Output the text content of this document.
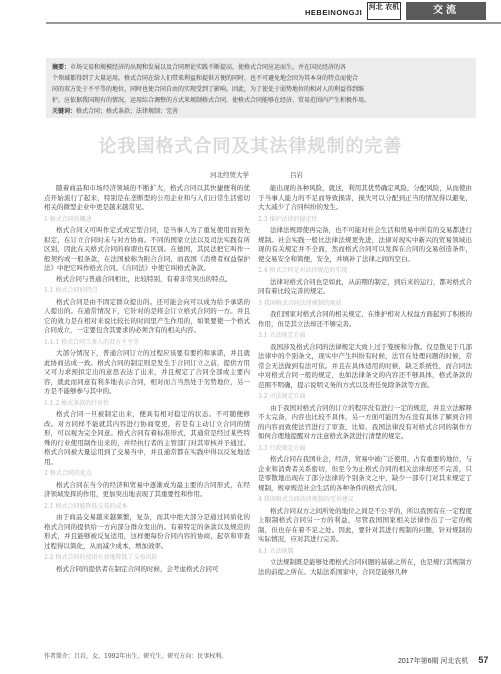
HEBEINONGJI
河北 农机	交流
摘要：市场交易和规模经济的出现和发展以及合同理论实践不断提高，使格式合同应运而生。并在国民经济的各
个领域都得到了大量运用。格式合同在给人们带来利益和提供方便的同时，也不可避免地会因为其本身的特点而使合
同的双方处于不平等的地位，同时也使合同自由的实现受到了影响。因此，为了使处于弱势地位的相对人的利益得到维
护，应依据我国现有的情况，运用综合调整的方式来规制格式合同，使格式合同能够在经济、贸易范围内产生积极作用。
关键词：格式合同；格式条款；法律规制；完善
论我国格式合同及其法律规制的完善
河北经贸大学	吕岩
随着商品和市场经济领域的不断扩大，格式合同以其快捷便利的优点开始流行了起来，特别是在垄断型的公用企业和与人们日常生活密切相关的微型企业中更是越来越常见。
1 格式合同的概述
格式合同又可叫作定式或定型合同，是当事人为了重复使用而预先拟定，在订立合同时未与对方协商。不同的国家立法以及司法实践有所区别，因此在关格式合同的称谓也有区别。在德国，其民法把它叫作一般契约或一般条款，在法国被称为附合合同，而我国《消费者权益保护法》中把它叫作格式合同。《合同法》中使它叫格式条款。
格式合同与普通合同相比，比较特别，有着非常突出的特点。
1.1 格式合同的特点
格式合同是由不固定群众提出的。还可能会向可以成为给予承诺的人提出的。在通常情况下，它针对的是将会订立格式合同的一方。并且它的效力是在相对来说比较长的时间里产生作用的，如果要使一个格式合同成立，一定要包含其要求的必须含有的相关内容。
1.1.1 格式合同当事人的双方不平等
大部分情况下，普通合同订立的过程应该要有要约和承诺，并且就此协商达成一致。格式合同的制定则是发生于合同订立之前，提供方用又可力求预拟定出的意思表达了出来，并且规定了合同全部或主要内容，就此而同意有利多地表示合同，相对而言当然处于劣势地位，另一方是不能够参与其中的。
1.1.2 格式条款的针对性
格式合同一旦被制定出来，便具有相对稳定的状态。不可随便修改。对方同样不能就其内容进行协商变更，若是有主动订立合同的情形，可以视为完全同意。格式合同有着标准形式，其通常是经过某些特殊的行业使用制作出来的，并经执行者的主管部门对其审核并予通过。格式合同被大量运用到了交易当中，并且通常都在实践中得以反复地适用。
2 格式合同的优点
格式合同在当今的经济和贸易中逐渐成为最主要的合同形式，在经济领域发挥的作用，更加突出地表现了其重要性和作用。
2.1 格式合同能降低交易的成本
由于商品交易越来越频繁，复杂，而其中绝大部分是通过同质化的格式合同的提供给一方向部分群众发出的。有着特定的条款以及规范的形式，并且能够被反复适用，这样便每份合同内容的协商，起草和审查过程得以简化，从而减少成本，增加效率。
2.2 格式合同的使用有效地降低了交易风险
格式合同的提供者在制定合同的时候，会考虑格式合同可
能出现的各种风险，就这，利用其优势确定风险，分配风险，从而使由于当事人能力的不足而导致损害，损失可以分配到正当的情况得以避免，大大减少了合同纠纷的发生。
2.3 维护法律的稳定性
法律法规即使再完备，也不可能对社会生活和贸易中所有的交易都进行规制。社会实践一般比法律法规更先进，法律对现实中新兴的贸易领域出现的有关规定并不全面，然而格式合同可以发挥在合同的交易创造条件，使交易安全和简便，安全，并填补了法律之间的空白。
2.4 格式合同是对法律规范的实现
法律对格式合同也是如此，从前期的制定，到后来的运行，都对格式合同有着比较完善的规定。
3 我国格式合同法律规制的现状
我们国家对格式合同的相关规定，在维护相对人权益方面起到了积极的作用，但是其立法却还不够完善。
3.1 立法规定方面
我国涉及格式合同的法律规定大致上过于笼统和分散。仅是散见于几部法律中的个别条文，现实中产生纠纷有时候，法官在处理问题的时候，常常会无法做到有法可依。并且在具体适用的时候，缺乏系统性，而合同法中对格式合同一般的规定，也如法律条文的内容还不够具体，格式条款的范围不明确，提示说明义务的方式以及责任免除条款等方面。
3.2 司法规定方面
由于我国对格式合同的订立的程序没有进行一定的规范，并且立法解释不太完备，内容也比较不具体，另一方面可能因为在没有具体了解到合同的内容而致使法官进行了审查，比如，我国法律没有对格式合同的制作方如何合理地提醒对方注意格式条款进行清楚的规定。
3.3 行政规定方面
格式合同在我国社会，经济，贸易中被广泛使用，占有重要的地位，与企业和消费者关系密切，但至今为止格式合同的相关法律却还不完善，只是零散地出现在了部分法律的个别条文之中，缺少一部专门对其来规定了规制，规章规范社会生活的各种条件的格式合同。
4 我国格式合同法律规制的完善建议
格式合同双方之间所处的地位之间是不公平的，所以我国有在一定程度上限制格式合同另一方的利益，尽管我国国家相关法律作出了一定的规制，但也存在着不足之处。因此，要针对其进行规制的问题，针对规制的实际情况，应对其进行完善。
4.1 立法规制
立法规制既是能够处理格式合同问题的基础之所在，也是规行其规制方法的前提之所在。大陆法系国家中，合同是能够几种
作者简介：吕岩，女，1992年出生，研究生，研究方向：民事权利。
2017年第6期 河北农机 57
